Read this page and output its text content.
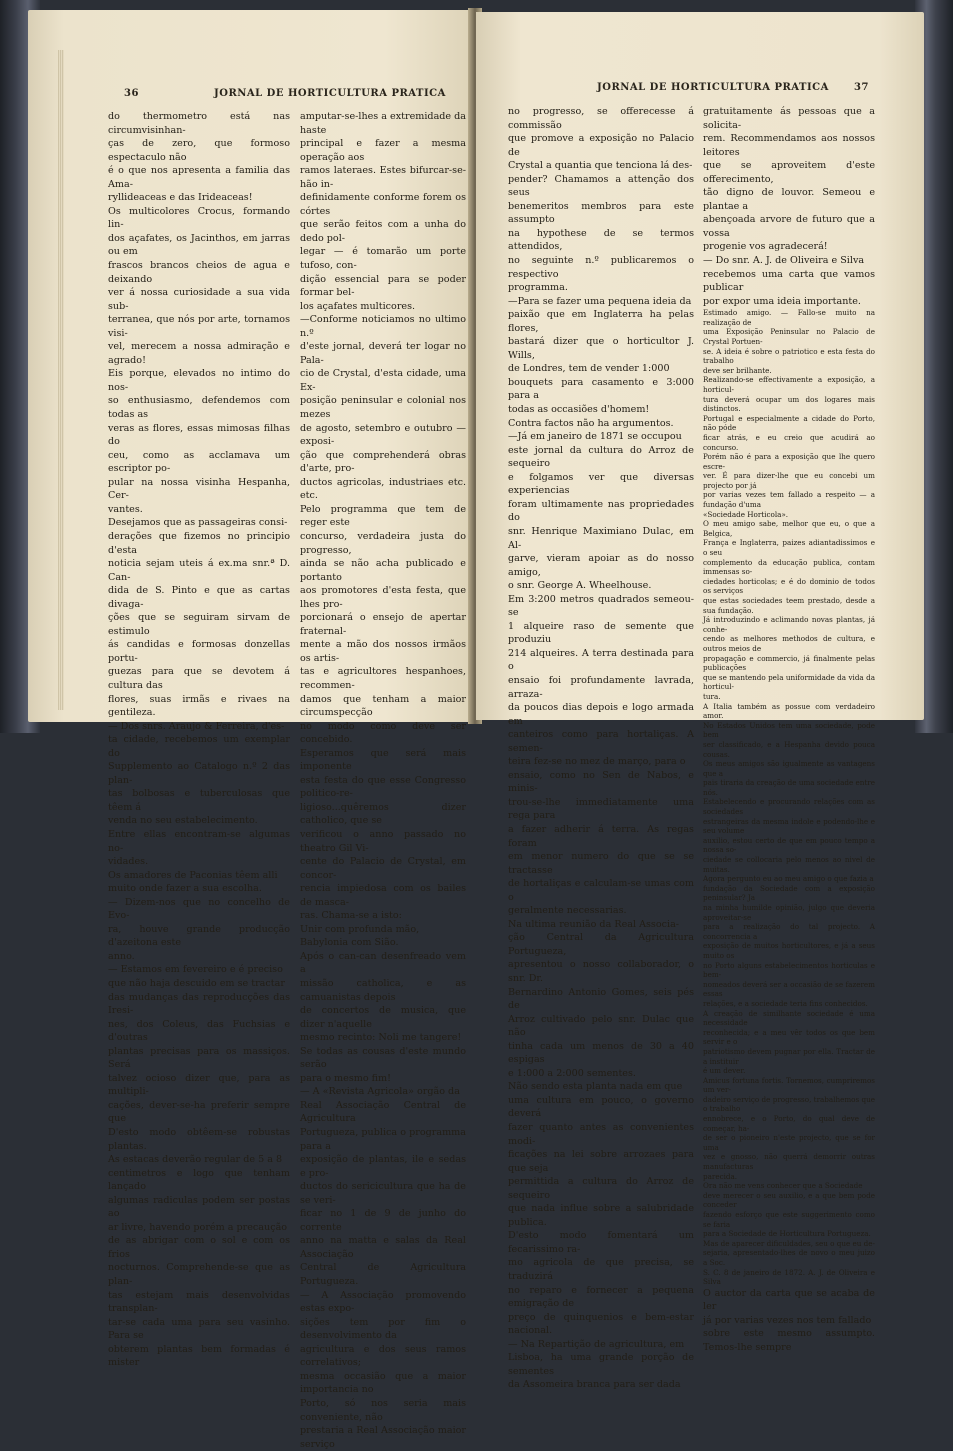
36	JORNAL DE HORTICULTURA PRATICA

do thermometro está nas circumvisinhan-

ças de zero, que formoso espectaculo não

é o que nos apresenta a familia das Ama-

ryllideaceas e das Irideaceas!

Os multicolores Crocus, formando lin-

dos açafates, os Jacinthos, em jarras ou em

frascos brancos cheios de agua e deixando

ver á nossa curiosidade a sua vida sub-

terranea, que nós por arte, tornamos visi-

vel, merecem a nossa admiração e agrado!

Eis porque, elevados no intimo do nos-

so enthusiasmo, defendemos com todas as

veras as flores, essas mimosas filhas do

ceu, como as acclamava um escriptor po-

pular na nossa visinha Hespanha, Cer-

vantes.

Desejamos que as passageiras consi-

derações que fizemos no principio d'esta

noticia sejam uteis á ex.ma snr.ª D. Can-

dida de S. Pinto e que as cartas divaga-

ções que se seguiram sirvam de estimulo

ás candidas e formosas donzellas portu-

guezas para que se devotem á cultura das

flores, suas irmãs e rivaes na gentileza.

— Dos snrs. Araujo & Ferreira, d'es-

ta cidade, recebemos um exemplar do

Supplemento ao Catalogo n.º 2 das plan-

tas bolbosas e tuberculosas que têem á

venda no seu estabelecimento.

Entre ellas encontram-se algumas no-

vidades.

Os amadores de Paconias têem alli

muito onde fazer a sua escolha.

— Dizem-nos que no concelho de Evo-

ra, houve grande producção d'azeitona este

anno.

— Estamos em fevereiro e é preciso

que não haja descuido em se tractar

das mudanças das reproducções das Iresi-

nes, dos Coleus, das Fuchsias e d'outras

plantas precisas para os massiços. Será

talvez ocioso dizer que, para as multipli-

cações, dever-se-ha preferir sempre que

D'esto modo obtêem-se robustas plantas.

As estacas deverão regular de 5 a 8

centimetros e logo que tenham lançado

algumas radiculas podem ser postas ao

ar livre, havendo porém a precaução

de as abrigar com o sol e com os frios

nocturnos. Comprehende-se que as plan-

tas estejam mais desenvolvidas transplan-

tar-se cada uma para seu vasinho. Para se

obterem plantas bem formadas é mister

amputar-se-lhes a extremidade da haste

principal e fazer a mesma operação aos

ramos lateraes. Estes bifurcar-se-hão in-

definidamente conforme forem os córtes

que serão feitos com a unha do dedo pol-

legar — é tomarão um porte tufoso, con-

dição essencial para se poder formar bel-

los açafates multicores.

—Conforme noticiamos no ultimo n.º

d'este jornal, deverá ter logar no Pala-

cio de Crystal, d'esta cidade, uma Ex-

posição peninsular e colonial nos mezes

de agosto, setembro e outubro — exposi-

ção que comprehenderá obras d'arte, pro-

ductos agricolas, industriaes etc. etc.

Pelo programma que tem de reger este

concurso, verdadeira justa do progresso,

ainda se não acha publicado e portanto

aos promotores d'esta festa, que lhes pro-

porcionará o ensejo de apertar fraternal-

mente a mão dos nossos irmãos os artis-

tas e agricultores hespanhoes, recommen-

damos que tenham a maior circumspecção

no modo como deve ser concebido.

Esperamos que será mais imponente

esta festa do que esse Congresso politico-re-

ligioso...quêremos dizer catholico, que se

verificou o anno passado no theatro Gil Vi-

cente do Palacio de Crystal, em concor-

rencia impiedosa com os bailes de masca-

ras. Chama-se a isto:

Unir com profunda mão,

Babylonia com Sião.

Após o can-can desenfreado vem a

missão catholica, e as camuanistas depois

de concertos de musica, que dizer n'aquelle

mesmo recinto: Noli me tangere!

Se todas as cousas d'este mundo serão

para o mesmo fim!

— A «Revista Agricola» orgão da

Real Associação Central de Agricultura

Portugueza, publica o programma para a

exposição de plantas, ile e sedas e pro-

ductos do sericicultura que ha de se veri-

ficar no 1 de 9 de junho do corrente

anno na matta e salas da Real Associação

Central de Agricultura Portugueza.

— A Associação promovendo estas expo-

sições tem por fim o desenvolvimento da

agricultura e dos seus ramos correlativos;

mesma occasião que a maior importancia no

Porto, só nos seria mais conveniente, não

prestaria a Real Associação maior serviço

JORNAL DE HORTICULTURA PRATICA	37

no progresso, se offerecesse á commissão

que promove a exposição no Palacio de

Crystal a quantia que tenciona lá des-

pender? Chamamos a attenção dos seus

benemeritos membros para este assumpto

na hypothese de se termos attendidos,

no seguinte n.º publicaremos o respectivo

programma.

—Para se fazer uma pequena ideia da

paixão que em Inglaterra ha pelas flores,

bastará dizer que o horticultor J. Wills,

de Londres, tem de vender 1:000

bouquets para casamento e 3:000 para a

todas as occasiões d'homem!

Contra factos não ha argumentos.

—Já em janeiro de 1871 se occupou

este jornal da cultura do Arroz de sequeiro

e folgamos ver que diversas experiencias

foram ultimamente nas propriedades do

snr. Henrique Maximiano Dulac, em Al-

garve, vieram apoiar as do nosso amigo,

o snr. George A. Wheelhouse.

Em 3:200 metros quadrados semeou-se

1 alqueire raso de semente que produziu

214 alqueires. A terra destinada para o

ensaio foi profundamente lavrada, arraza-

da poucos dias depois e logo armada em

canteiros como para hortaliças. A semen-

teira fez-se no mez de março, para o

ensaio, como no Sen de Nabos, e minis-

trou-se-lhe immediatamente uma rega para

a fazer adherir á terra. As regas foram

em menor numero do que se se tractasse

de hortaliças e calculam-se umas com o

geralmente necessarias.

Na ultima reunião da Real Associa-

ção Central da Agricultura Portugueza,

apresentou o nosso collaborador, o snr. Dr.

Bernardino Antonio Gomes, seis pés de

Arroz cultivado pelo snr. Dulac que não

tinha cada um menos de 30 a 40 espigas

e 1:000 a 2:000 sementes.

Não sendo esta planta nada em que

uma cultura em pouco, o governo deverá

fazer quanto antes as convenientes modi-

ficações na lei sobre arrozaes para que seja

permittida a cultura do Arroz de sequeiro

que nada influe sobre a salubridade publica.

D'esto modo fomentará um fecarissimo ra-

mo agricola de que precisa, se traduzirá

no reparo e fornecer a pequena emigração de

preço de quinquenios e bem-estar nacional.

— Na Repartição de agricultura, em

Lisboa, ha uma grande porção de sementes

da Assomeira branca para ser dada

gratuitamente ás pessoas que a solicita-

rem. Recommendamos aos nossos leitores

que se aproveitem d'este offerecimento,

tão digno de louvor. Semeou e plantae a

abençoada arvore de futuro que a vossa

progenie vos agradecerá!

— Do snr. A. J. de Oliveira e Silva

recebemos uma carta que vamos publicar

por expor uma ideia importante.

Estimado amigo. — Fallo-se muito na realização de

uma Exposição Peninsular no Palacio de Crystal Portuen-

se. A ideia é sobre o patriotico e esta festa do trabalho

deve ser brilhante.

Realizando-se effectivamente a exposição, a horticul-

tura deverá ocupar um dos logares mais distinctos.

Portugal e especialmente a cidade do Porto, não póde

ficar atrás, e eu creio que acudirá ao concurso.

Porém não é para a exposição que lhe quero escre-

ver. É para dizer-lhe que eu concebi um projecto por já

por varias vezes tem fallado a respeito — a fundação d'uma

«Sociedade Horticola».

O meu amigo sabe, melhor que eu, o que a Belgica,

França e Inglaterra, paizes adiantadissimos e o seu

complemento da educação publica, contam immensas so-

ciedades horticolas; e é do dominio de todos os serviços

que estas sociedades teem prestado, desde a sua fundação.

Já introduzindo e aclimando novas plantas, já conhe-

cendo as melhores methodos de cultura, e outros meios de

propagação e commercio, já finalmente pelas publicações

que se mantendo pela uniformidade da vida da horticul-

tura.

A Italia também as possue com verdadeiro amor.

No Estados Unidos tem uma sociedade, pode bem

ser classificado, e a Hespanha devido pouca cousas.

Os meus amigos são igualmente as vantagens que a

pais tiraria da creação de uma sociedade entre nós.

Estabelecendo e procurando relações com as sociedades

estrangeiras da mesma indole e podendo-lhe e seu volume

auxilio, estou certo de que em pouco tempo a nossa so-

ciedade se collocaria pelo menos ao nivel de muitas.

Agora pergunto eu ao meu amigo o que fazia a

fundação da Sociedade com a exposição peninsular? Ja

na minha humilde opinião, julgo que deveria aproveitar-se

para a realização do tal projecto. A concorrencia a

exposição de muitos horticultores, e já a seus muito os

no Porto alguns estabelecimentos horticulas e bem-

nomeados deverá ser a occasião de se fazerem essas

relações, e a sociedade teria fins conhecidos.

A creação de similhante sociedade é uma necessidade

reconhecida; e a meu vêr todos os que bem servir e o

patriotismo devem pugnar por ella. Tractar de a instituir

é um dever.

Amicus fortuna fortis. Tornemos, cumpriremos um ver-

dadeiro serviço de progresso, trabalhemos que o trabalho

ennobrece, e o Porto, do qual deve de começar, ha-

de ser o pioneiro n'este projecto, que se for uma

vez e gnosso, não querrá demorrir outras manufacturas

parecida.

Ora não me vens conhecer que a Sociedade

deve merecer o seu auxilio, e a que bem pode conceder

fazendo esforço que este suggerimento como se faria

para a Sociedade de Horticultura Portugueza.

Mas de aparecer dificuldades, seu o que eu de-

sejaria, apresentado-lhes de novo o meu juizo a Soc.

S. C. 8 de janeiro de 1872. A. J. de Oliveira e Silva

O auctor da carta que se acaba de ler

já por varias vezes nos tem fallado

sobre este mesmo assumpto. Temos-lhe sempre
